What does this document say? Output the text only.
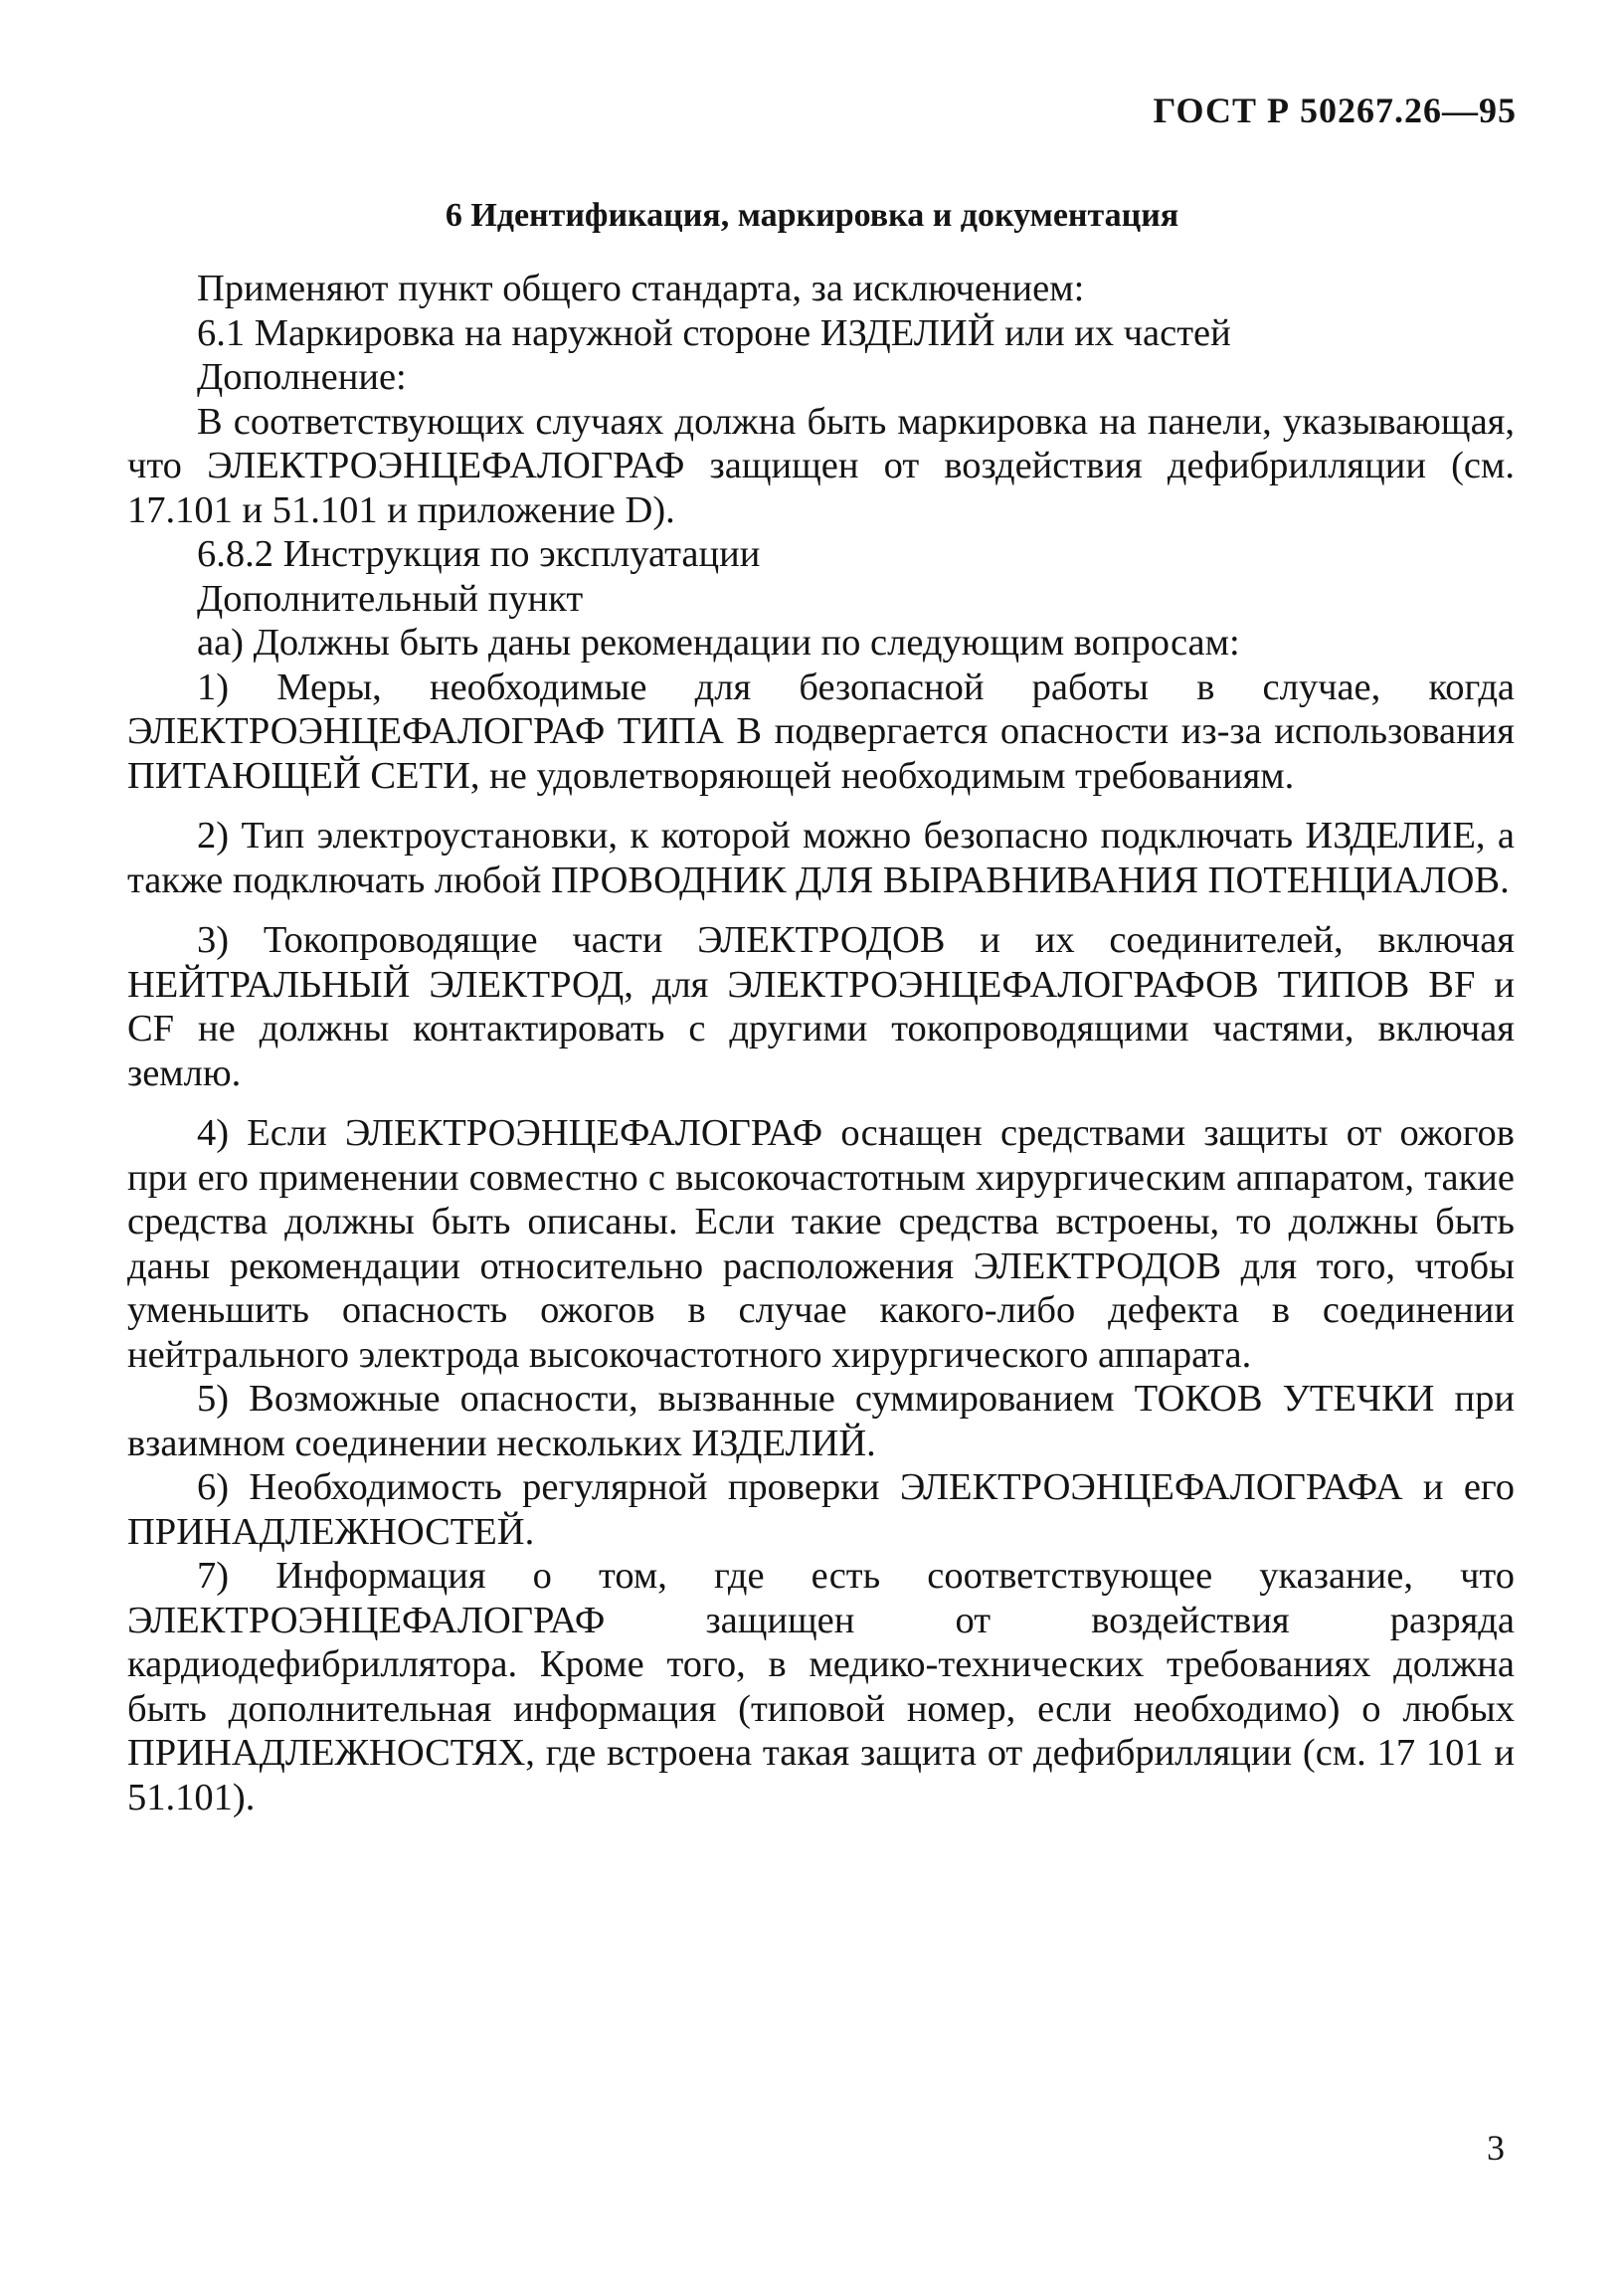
ГОСТ Р 50267.26—95
6 Идентификация, маркировка и документация

Применяют пункт общего стандарта, за исключением:

6.1 Маркировка на наружной стороне ИЗДЕЛИЙ или их частей

Дополнение:

В соответствующих случаях должна быть маркировка на панели, указывающая, что ЭЛЕКТРОЭНЦЕФАЛОГРАФ защищен от воздействия дефибрилляции (см. 17.101 и 51.101 и приложение D).

6.8.2 Инструкция по эксплуатации

Дополнительный пункт

аа) Должны быть даны рекомендации по следующим вопросам:

1) Меры, необходимые для безопасной работы в случае, когда ЭЛЕКТРОЭНЦЕФАЛОГРАФ ТИПА В подвергается опасности из-за использования ПИТАЮЩЕЙ СЕТИ, не удовлетворяющей необходимым требованиям.

2) Тип электроустановки, к которой можно безопасно подключать ИЗДЕЛИЕ, а также подключать любой ПРОВОДНИК ДЛЯ ВЫРАВНИВАНИЯ ПОТЕНЦИАЛОВ.

3) Токопроводящие части ЭЛЕКТРОДОВ и их соединителей, включая НЕЙТРАЛЬНЫЙ ЭЛЕКТРОД, для ЭЛЕКТРОЭНЦЕФАЛОГРАФОВ ТИПОВ BF и CF не должны контактировать с другими токопроводящими частями, включая землю.

4) Если ЭЛЕКТРОЭНЦЕФАЛОГРАФ оснащен средствами защиты от ожогов при его применении совместно с высокочастотным хирургическим аппаратом, такие средства должны быть описаны. Если такие средства встроены, то должны быть даны рекомендации относительно расположения ЭЛЕКТРОДОВ для того, чтобы уменьшить опасность ожогов в случае какого-либо дефекта в соединении нейтрального электрода высокочастотного хирургического аппарата.

5) Возможные опасности, вызванные суммированием ТОКОВ УТЕЧКИ при взаимном соединении нескольких ИЗДЕЛИЙ.

6) Необходимость регулярной проверки ЭЛЕКТРОЭНЦЕФАЛОГРАФА и его ПРИНАДЛЕЖНОСТЕЙ.

7) Информация о том, где есть соответствующее указание, что ЭЛЕКТРОЭНЦЕФАЛОГРАФ защищен от воздействия разряда кардиодефибриллятора. Кроме того, в медико-технических требованиях должна быть дополнительная информация (типовой номер, если необходимо) о любых ПРИНАДЛЕЖНОСТЯХ, где встроена такая защита от дефибрилляции (см. 17 101 и 51.101).

3
